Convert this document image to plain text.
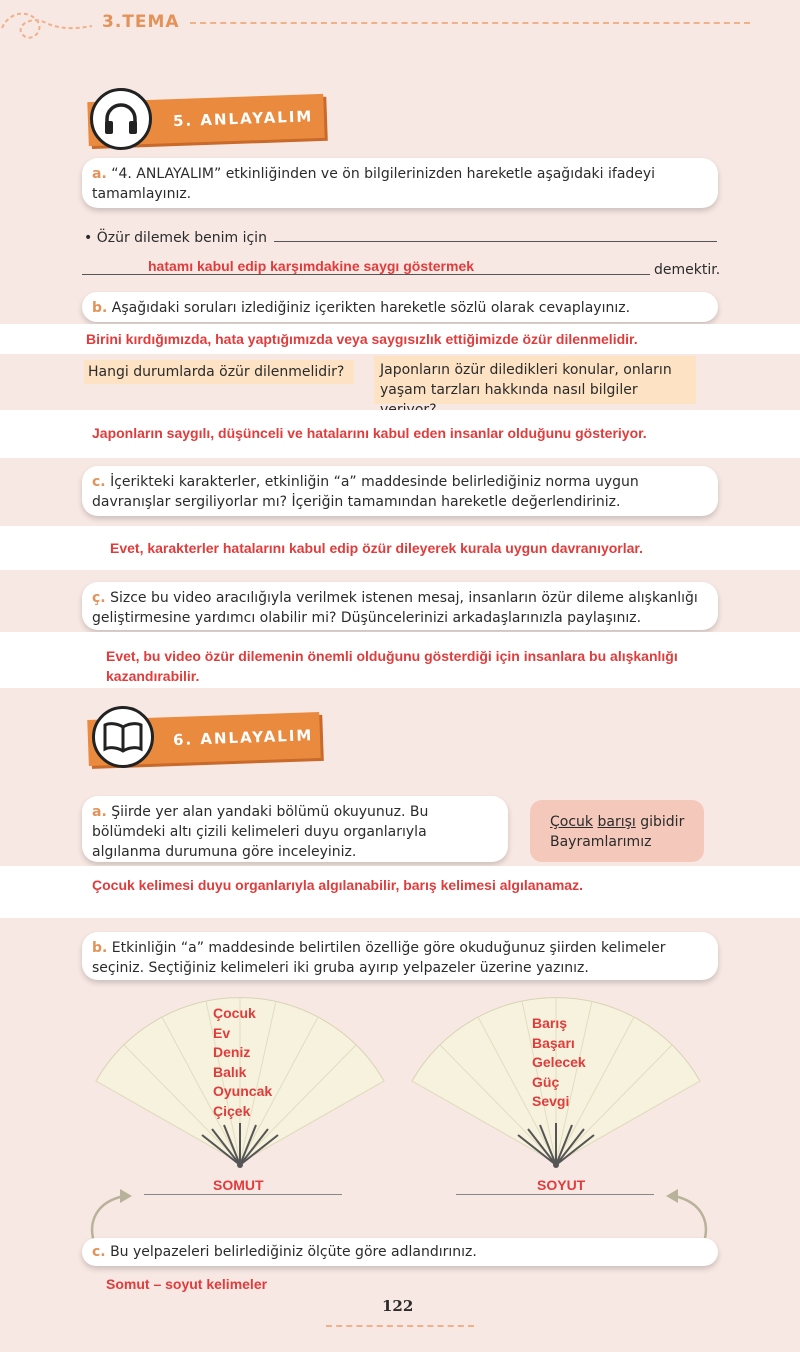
3.TEMA
5. ANLAYALIM
a. “4. ANLAYALIM” etkinliğinden ve ön bilgilerinizden hareketle aşağıdaki ifadeyi tamamlayınız.
• Özür dilemek benim için
hatamı kabul edip karşımdakine saygı göstermek	demektir.
b. Aşağıdaki soruları izlediğiniz içerikten hareketle sözlü olarak cevaplayınız.
Birini kırdığımızda, hata yaptığımızda veya saygısızlık ettiğimizde özür dilenmelidir.
Hangi durumlarda özür dilenmelidir?	Japonların özür diledikleri konular, onların
yaşam tarzları hakkında nasıl bilgiler
Japonların saygılı, düşünceli ve hatalarını kabul eden insanlar olduğunu gösteriyor.
c. İçerikteki karakterler, etkinliğin “a” maddesinde belirlediğiniz norma uygun davranışlar sergiliyorlar mı? İçeriğin tamamından hareketle değerlendiriniz.
Evet, karakterler hatalarını kabul edip özür dileyerek kurala uygun davranıyorlar.
ç. Sizce bu video aracılığıyla verilmek istenen mesaj, insanların özür dileme alışkanlığı geliştirmesine yardımcı olabilir mi? Düşüncelerinizi arkadaşlarınızla paylaşınız.
Evet, bu video özür dilemenin önemli olduğunu gösterdiği için insanlara bu alışkanlığı
kazandırabilir.
6. ANLAYALIM
a. Şiirde yer alan yandaki bölümü okuyunuz. Bu bölümdeki altı çizili kelimeleri duyu organlarıyla algılanma durumuna göre inceleyiniz.
Çocuk barışı gibidir
Bayramlarımız
Çocuk kelimesi duyu organlarıyla algılanabilir, barış kelimesi algılanamaz.
b. Etkinliğin “a” maddesinde belirtilen özelliğe göre okuduğunuz şiirden kelimeler seçiniz. Seçtiğiniz kelimeleri iki gruba ayırıp yelpazeler üzerine yazınız.
Çocuk
Ev
Deniz
Balık
Oyuncak
Çiçek
Barış
Başarı
Gelecek
Güç
Sevgi
SOMUT	SOYUT
c. Bu yelpazeleri belirlediğiniz ölçüte göre adlandırınız.
Somut – soyut kelimeler
122
